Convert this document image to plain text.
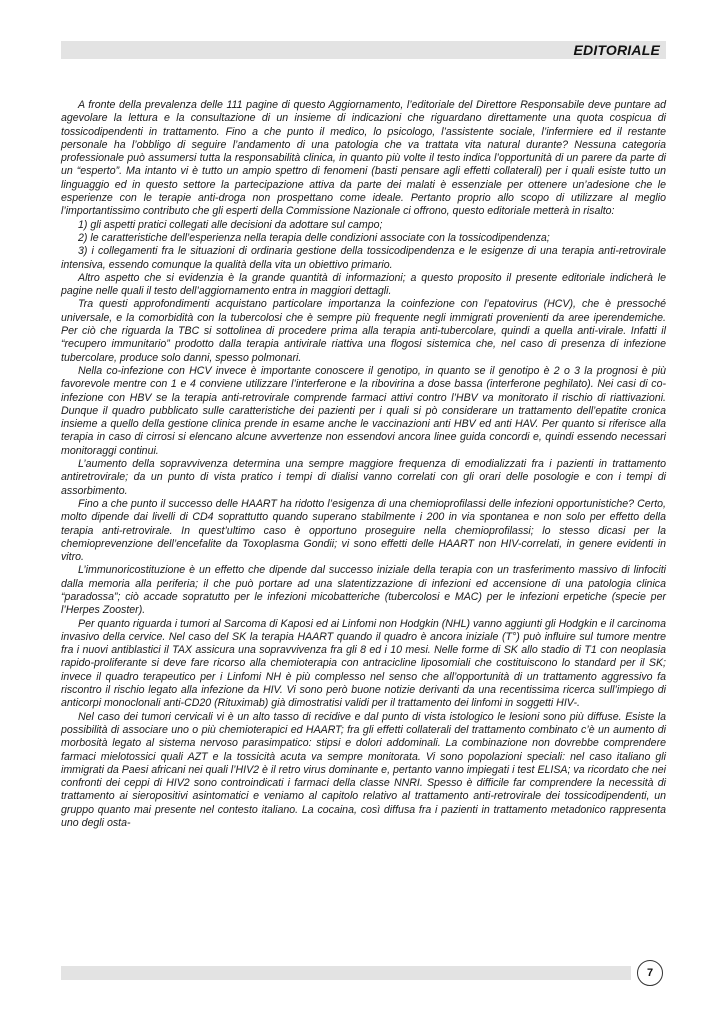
EDITORIALE

A fronte della prevalenza delle 111 pagine di questo Aggiornamento, l’editoriale del Direttore Responsabile deve puntare ad agevolare la lettura e la consultazione di un insieme di indicazioni che riguardano direttamente una quota cospicua di tossicodipendenti in trattamento. Fino a che punto il medico, lo psicologo, l’assistente sociale, l’infermiere ed il restante personale ha l’obbligo di seguire l’andamento di una patologia che va trattata vita natural durante? Nessuna categoria professionale può assumersi tutta la responsabilità clinica, in quanto più volte il testo indica l’opportunità di un parere da parte di un “esperto”. Ma intanto vi è tutto un ampio spettro di fenomeni (basti pensare agli effetti collaterali) per i quali esiste tutto un linguaggio ed in questo settore la partecipazione attiva da parte dei malati è essenziale per ottenere un’adesione che le esperienze con le terapie anti-droga non prospettano come ideale. Pertanto proprio allo scopo di utilizzare al meglio l’importantissimo contributo che gli esperti della Commissione Nazionale ci offrono, questo editoriale metterà in risalto:

1) gli aspetti pratici collegati alle decisioni da adottare sul campo;

2) le caratteristiche dell’esperienza nella terapia delle condizioni associate con la tossicodipendenza;

3) i collegamenti fra le situazioni di ordinaria gestione della tossicodipendenza e le esigenze di una terapia anti-retrovirale intensiva, essendo comunque la qualità della vita un obiettivo primario.

Altro aspetto che si evidenzia è la grande quantità di informazioni; a questo proposito il presente editoriale indicherà le pagine nelle quali il testo dell’aggiornamento entra in maggiori dettagli.

Tra questi approfondimenti acquistano particolare importanza la coinfezione con l’epatovirus (HCV), che è pressoché universale, e la comorbidità con la tubercolosi che è sempre più frequente negli immigrati provenienti da aree iperendemiche. Per ciò che riguarda la TBC si sottolinea di procedere prima alla terapia anti-tubercolare, quindi a quella anti-virale. Infatti il “recupero immunitario” prodotto dalla terapia antivirale riattiva una flogosi sistemica che, nel caso di presenza di infezione tubercolare, produce solo danni, spesso polmonari.

Nella co-infezione con HCV invece è importante conoscere il genotipo, in quanto se il genotipo è 2 o 3 la prognosi è più favorevole mentre con 1 e 4 conviene utilizzare l’interferone e la ribovirina a dose bassa (interferone peghilato). Nei casi di co-infezione con HBV se la terapia anti-retrovirale comprende farmaci attivi contro l’HBV va monitorato il rischio di riattivazioni. Dunque il quadro pubblicato sulle caratteristiche dei pazienti per i quali si pò considerare un trattamento dell’epatite cronica insieme a quello della gestione clinica prende in esame anche le vaccinazioni anti HBV ed anti HAV. Per quanto si riferisce alla terapia in caso di cirrosi si elencano alcune avvertenze non essendovi ancora linee guida concordi e, quindi essendo necessari monitoraggi continui.

L’aumento della sopravvivenza determina una sempre maggiore frequenza di emodializzati fra i pazienti in trattamento antiretrovirale; da un punto di vista pratico i tempi di dialisi vanno correlati con gli orari delle posologie e con i tempi di assorbimento.

Fino a che punto il successo delle HAART ha ridotto l’esigenza di una chemioprofilassi delle infezioni opportunistiche? Certo, molto dipende dai livelli di CD4 soprattutto quando superano stabilmente i 200 in via spontanea e non solo per effetto della terapia anti-retrovirale. In quest’ultimo caso è opportuno proseguire nella chemioprofilassi; lo stesso dicasi per la chemioprevenzione dell’encefalite da Toxoplasma Gondii; vi sono effetti delle HAART non HIV-correlati, in genere evidenti in vitro.

L’immunoricostituzione è un effetto che dipende dal successo iniziale della terapia con un trasferimento massivo di linfociti dalla memoria alla periferia; il che può portare ad una slatentizzazione di infezioni ed accensione di una patologia clinica “paradossa”; ciò accade sopratutto per le infezioni micobatteriche (tubercolosi e MAC) per le infezioni erpetiche (specie per l’Herpes Zooster).

Per quanto riguarda i tumori al Sarcoma di Kaposi ed ai Linfomi non Hodgkin (NHL) vanno aggiunti gli Hodgkin e il carcinoma invasivo della cervice. Nel caso del SK la terapia HAART quando il quadro è ancora iniziale (T°) può influire sul tumore mentre fra i nuovi antiblastici il TAX assicura una sopravvivenza fra gli 8 ed i 10 mesi. Nelle forme di SK allo stadio di T1 con neoplasia rapido-proliferante si deve fare ricorso alla chemioterapia con antracicline liposomiali che costituiscono lo standard per il SK; invece il quadro terapeutico per i Linfomi NH è più complesso nel senso che all’opportunità di un trattamento aggressivo fa riscontro il rischio legato alla infezione da HIV. Vi sono però buone notizie derivanti da una recentissima ricerca sull’impiego di anticorpi monoclonali anti-CD20 (Rituximab) già dimostratisi validi per il trattamento dei linfomi in soggetti HIV-.

Nel caso dei tumori cervicali vi è un alto tasso di recidive e dal punto di vista istologico le lesioni sono più diffuse. Esiste la possibilità di associare uno o più chemioterapici ed HAART; fra gli effetti collaterali del trattamento combinato c’è un aumento di morbosità legato al sistema nervoso parasimpatico: stipsi e dolori addominali. La combinazione non dovrebbe comprendere farmaci mielotossici quali AZT e la tossicità acuta va sempre monitorata. Vi sono popolazioni speciali: nel caso italiano gli immigrati da Paesi africani nei quali l’HIV2 è il retro virus dominante e, pertanto vanno impiegati i test ELISA; va ricordato che nei confronti dei ceppi di HIV2 sono controindicati i farmaci della classe NNRI. Spesso è difficile far comprendere la necessità di trattamento ai sieropositivi asintomatici e veniamo al capitolo relativo al trattamento anti-retrovirale dei tossicodipendenti, un gruppo quanto mai presente nel contesto italiano. La cocaina, così diffusa fra i pazienti in trattamento metadonico rappresenta uno degli osta-

7
